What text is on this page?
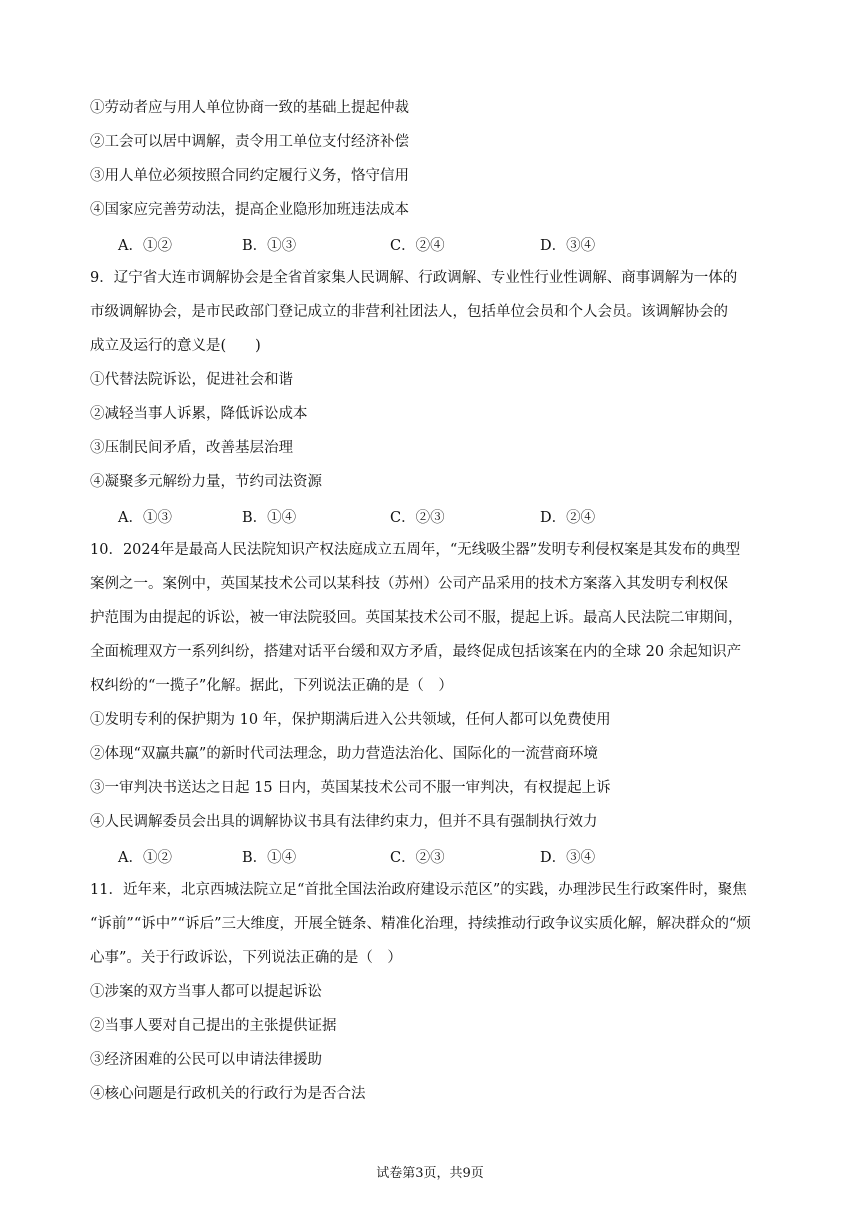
①劳动者应与用人单位协商一致的基础上提起仲裁
②工会可以居中调解，责令用工单位支付经济补偿
③用人单位必须按照合同约定履行义务，恪守信用
④国家应完善劳动法，提高企业隐形加班违法成本
A．①②	B．①③	C．②④	D．③④
9．辽宁省大连市调解协会是全省首家集人民调解、行政调解、专业性行业性调解、商事调解为一体的
市级调解协会，是市民政部门登记成立的非营利社团法人，包括单位会员和个人会员。该调解协会的
成立及运行的意义是(　　)
①代替法院诉讼，促进社会和谐
②减轻当事人诉累，降低诉讼成本
③压制民间矛盾，改善基层治理
④凝聚多元解纷力量，节约司法资源
A．①③	B．①④	C．②③	D．②④
10．2024年是最高人民法院知识产权法庭成立五周年，“无线吸尘器”发明专利侵权案是其发布的典型
案例之一。案例中，英国某技术公司以某科技（苏州）公司产品采用的技术方案落入其发明专利权保
护范围为由提起的诉讼，被一审法院驳回。英国某技术公司不服，提起上诉。最高人民法院二审期间，
全面梳理双方一系列纠纷，搭建对话平台缓和双方矛盾，最终促成包括该案在内的全球 20 余起知识产
权纠纷的“一揽子”化解。据此，下列说法正确的是（　）
①发明专利的保护期为 10 年，保护期满后进入公共领域，任何人都可以免费使用
②体现“双赢共赢”的新时代司法理念，助力营造法治化、国际化的一流营商环境
③一审判决书送达之日起 15 日内，英国某技术公司不服一审判决，有权提起上诉
④人民调解委员会出具的调解协议书具有法律约束力，但并不具有强制执行效力
A．①②	B．①④	C．②③	D．③④
11．近年来，北京西城法院立足“首批全国法治政府建设示范区”的实践，办理涉民生行政案件时，聚焦
“诉前”“诉中”“诉后”三大维度，开展全链条、精准化治理，持续推动行政争议实质化解，解决群众的“烦
心事”。关于行政诉讼，下列说法正确的是（　）
①涉案的双方当事人都可以提起诉讼
②当事人要对自己提出的主张提供证据
③经济困难的公民可以申请法律援助
④核心问题是行政机关的行政行为是否合法
试卷第3页，共9页
